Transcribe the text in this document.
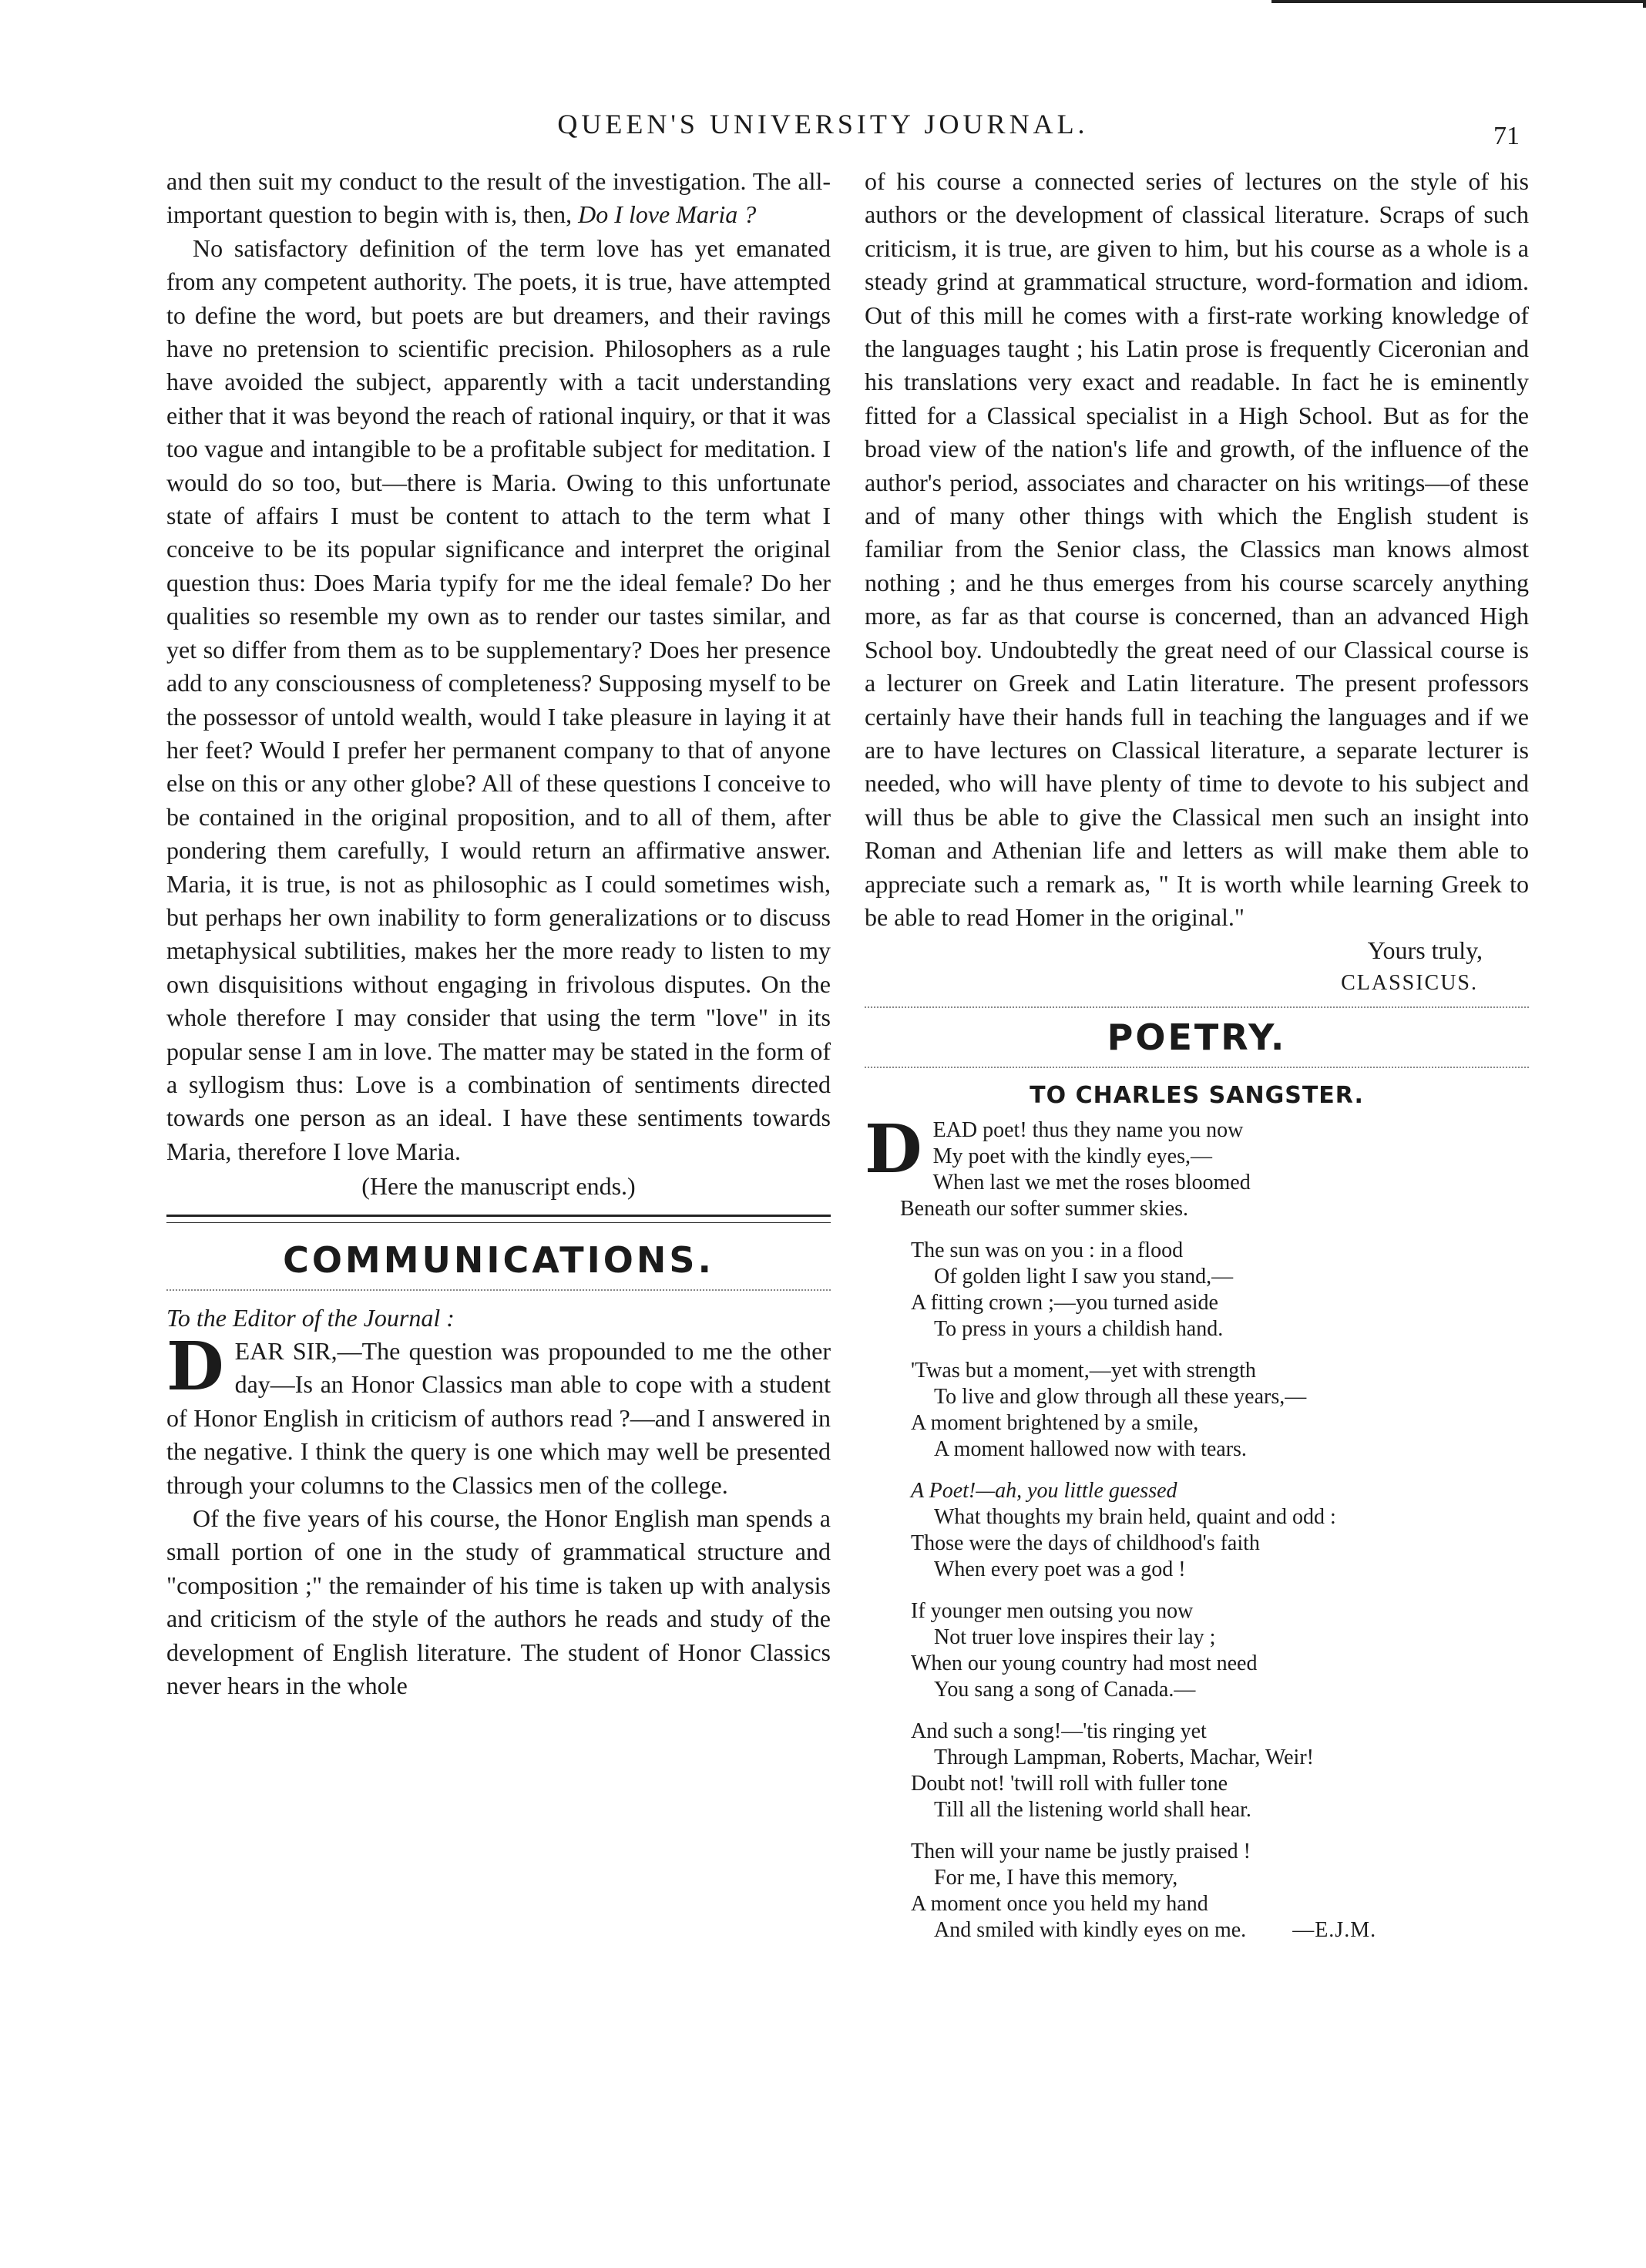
QUEEN'S UNIVERSITY JOURNAL.	71

and then suit my conduct to the result of the investigation. The all-important question to begin with is, then, Do I love Maria ?

No satisfactory definition of the term love has yet emanated from any competent authority. The poets, it is true, have attempted to define the word, but poets are but dreamers, and their ravings have no pretension to scientific precision. Philosophers as a rule have avoided the subject, apparently with a tacit understanding either that it was beyond the reach of rational inquiry, or that it was too vague and intangible to be a profitable subject for meditation. I would do so too, but—there is Maria. Owing to this unfortunate state of affairs I must be content to attach to the term what I conceive to be its popular significance and interpret the original question thus: Does Maria typify for me the ideal female? Do her qualities so resemble my own as to render our tastes similar, and yet so differ from them as to be supplementary? Does her presence add to any consciousness of completeness? Supposing myself to be the possessor of untold wealth, would I take pleasure in laying it at her feet? Would I prefer her permanent company to that of anyone else on this or any other globe? All of these questions I conceive to be contained in the original proposition, and to all of them, after pondering them carefully, I would return an affirmative answer. Maria, it is true, is not as philosophic as I could sometimes wish, but perhaps her own inability to form generalizations or to discuss metaphysical subtilities, makes her the more ready to listen to my own disquisitions without engaging in frivolous disputes. On the whole therefore I may consider that using the term "love" in its popular sense I am in love. The matter may be stated in the form of a syllogism thus: Love is a combination of sentiments directed towards one person as an ideal. I have these sentiments towards Maria, therefore I love Maria.

(Here the manuscript ends.)

COMMUNICATIONS.

To the Editor of the Journal :

DEAR SIR,—The question was propounded to me the other day—Is an Honor Classics man able to cope with a student of Honor English in criticism of authors read ?—and I answered in the negative. I think the query is one which may well be presented through your columns to the Classics men of the college.

Of the five years of his course, the Honor English man spends a small portion of one in the study of grammatical structure and "composition ;" the remainder of his time is taken up with analysis and criticism of the style of the authors he reads and study of the development of English literature. The student of Honor Classics never hears in the whole

of his course a connected series of lectures on the style of his authors or the development of classical literature. Scraps of such criticism, it is true, are given to him, but his course as a whole is a steady grind at grammatical structure, word-formation and idiom. Out of this mill he comes with a first-rate working knowledge of the languages taught ; his Latin prose is frequently Ciceronian and his translations very exact and readable. In fact he is eminently fitted for a Classical specialist in a High School. But as for the broad view of the nation's life and growth, of the influence of the author's period, associates and character on his writings—of these and of many other things with which the English student is familiar from the Senior class, the Classics man knows almost nothing ; and he thus emerges from his course scarcely anything more, as far as that course is concerned, than an advanced High School boy. Undoubtedly the great need of our Classical course is a lecturer on Greek and Latin literature. The present professors certainly have their hands full in teaching the languages and if we are to have lectures on Classical literature, a separate lecturer is needed, who will have plenty of time to devote to his subject and will thus be able to give the Classical men such an insight into Roman and Athenian life and letters as will make them able to appreciate such a remark as, " It is worth while learning Greek to be able to read Homer in the original."

Yours truly,

CLASSICUS.

POETRY.
TO CHARLES SANGSTER.
D EAD poet! thus they name you now
My poet with the kindly eyes,—
When last we met the roses bloomed
Beneath our softer summer skies.
The sun was on you : in a flood
Of golden light I saw you stand,—
A fitting crown ;—you turned aside
To press in yours a childish hand.
'Twas but a moment,—yet with strength
To live and glow through all these years,—
A moment brightened by a smile,
A moment hallowed now with tears.
A Poet!—ah, you little guessed
What thoughts my brain held, quaint and odd :
Those were the days of childhood's faith
When every poet was a god !
If younger men outsing you now
Not truer love inspires their lay ;
When our young country had most need
You sang a song of Canada.—
And such a song!—'tis ringing yet
Through Lampman, Roberts, Machar, Weir!
Doubt not! 'twill roll with fuller tone
Till all the listening world shall hear.
Then will your name be justly praised !
For me, I have this memory,
A moment once you held my hand
And smiled with kindly eyes on me. —E.J.M.
